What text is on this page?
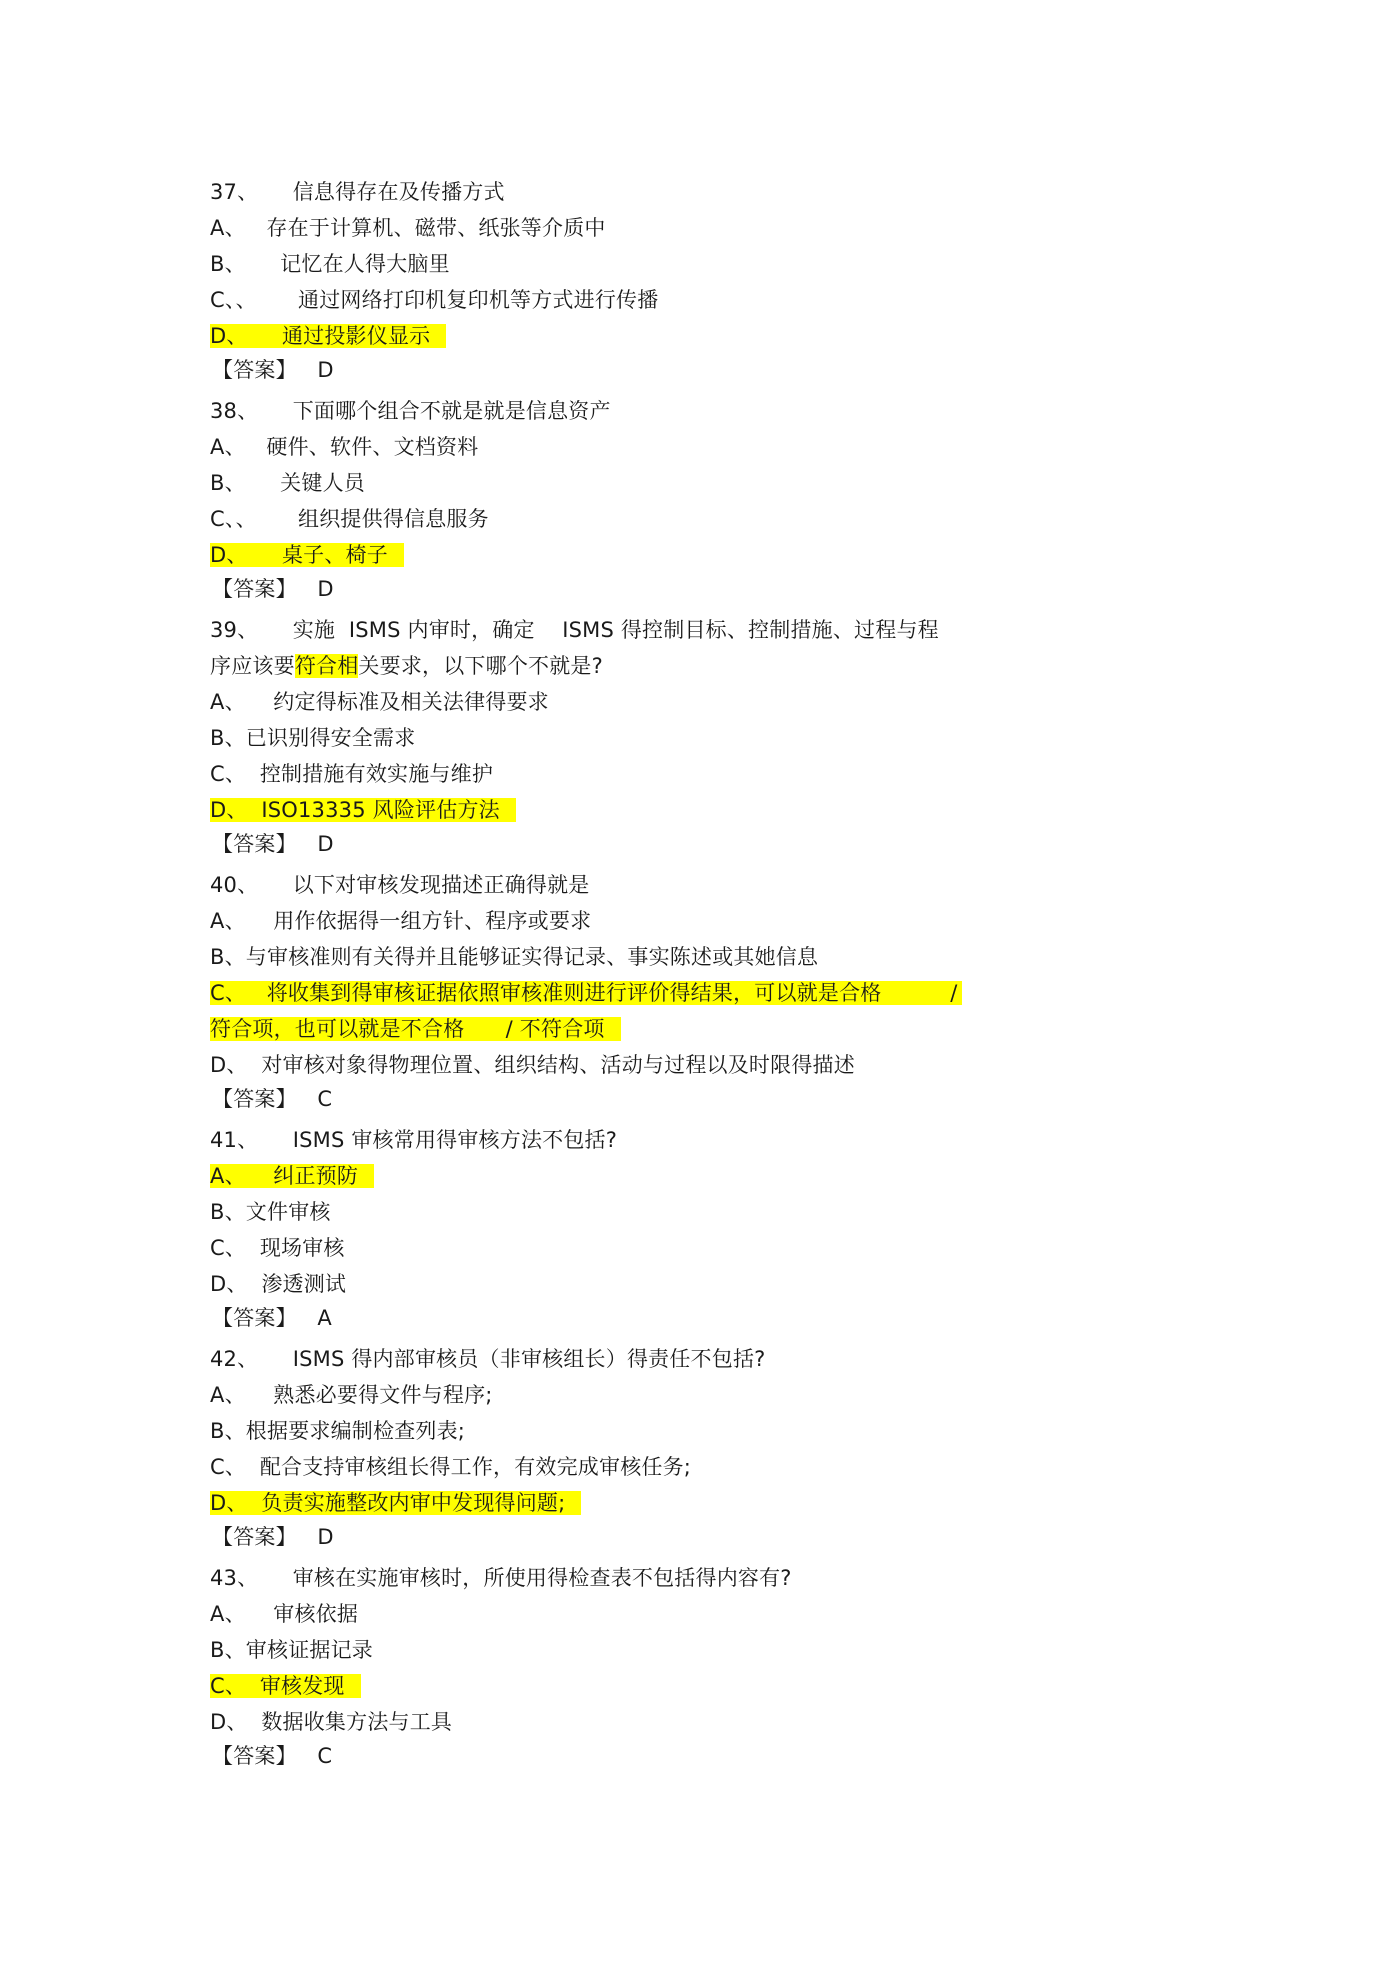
37、     信息得存在及传播方式
A、   存在于计算机、磁带、纸张等介质中
B、     记忆在人得大脑里
C、、      通过网络打印机复印机等方式进行传播
D、     通过投影仪显示
【答案】   D
38、     下面哪个组合不就是就是信息资产
A、   硬件、软件、文档资料
B、     关键人员
C、、      组织提供得信息服务
D、     桌子、椅子
【答案】   D
39、     实施  ISMS 内审时，确定    ISMS 得控制目标、控制措施、过程与程
序应该要符合相关要求，以下哪个不就是?
A、    约定得标准及相关法律得要求
B、已识别得安全需求
C、  控制措施有效实施与维护
D、  ISO13335 风险评估方法
【答案】   D
40、     以下对审核发现描述正确得就是
A、    用作依据得一组方针、程序或要求
B、与审核准则有关得并且能够证实得记录、事实陈述或其她信息
C、   将收集到得审核证据依照审核准则进行评价得结果，可以就是合格          /
符合项，也可以就是不合格      / 不符合项
D、  对审核对象得物理位置、组织结构、活动与过程以及时限得描述
【答案】   C
41、     ISMS 审核常用得审核方法不包括?
A、    纠正预防
B、文件审核
C、  现场审核
D、  渗透测试
【答案】   A
42、     ISMS 得内部审核员（非审核组长）得责任不包括?
A、    熟悉必要得文件与程序;
B、根据要求编制检查列表;
C、  配合支持审核组长得工作，有效完成审核任务;
D、  负责实施整改内审中发现得问题;
【答案】   D
43、     审核在实施审核时，所使用得检查表不包括得内容有?
A、    审核依据
B、审核证据记录
C、  审核发现
D、  数据收集方法与工具
【答案】   C
